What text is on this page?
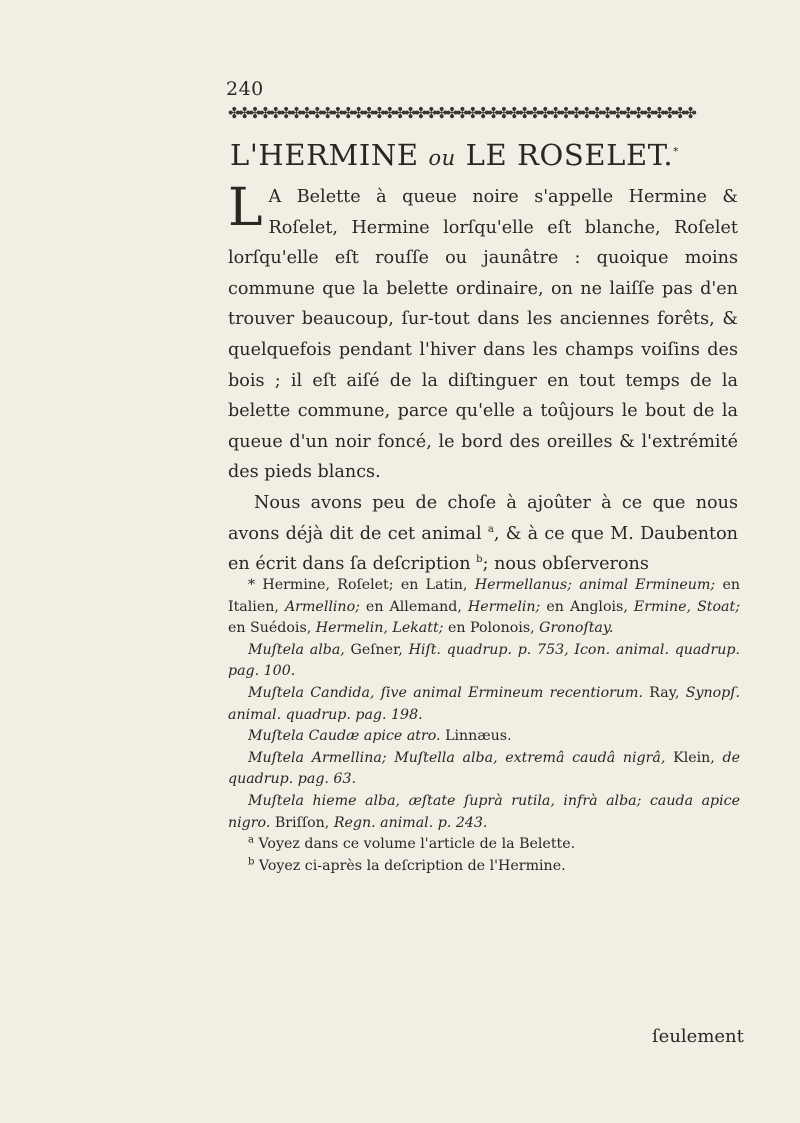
240
✤✤✤✤✤✤✤✤✤✤✤✤✤✤✤✤✤✤✤✤✤✤✤✤✤✤✤✤✤✤✤✤✤✤✤✤✤✤✤✤✤✤✤✤✤
L'HERMINE ou LE ROSELET.*

L A Belette à queue noire s'appelle Hermine & Roſelet, Hermine lorſqu'elle eſt blanche, Roſelet lorſqu'elle eſt rouſſe ou jaunâtre : quoique moins commune que la belette ordinaire, on ne laiſſe pas d'en trouver beaucoup, ſur-tout dans les anciennes forêts, & quelquefois pendant l'hiver dans les champs voiſins des bois ; il eſt aiſé de la diſtinguer en tout temps de la belette commune, parce qu'elle a toûjours le bout de la queue d'un noir foncé, le bord des oreilles & l'extrémité des pieds blancs.

Nous avons peu de choſe à ajoûter à ce que nous avons déjà dit de cet animal $^a$, & à ce que M. Daubenton en écrit dans ſa deſcription $^b$; nous obſerverons

* Hermine, Roſelet; en Latin, Hermellanus; animal Ermineum; en Italien, Armellino; en Allemand, Hermelin; en Anglois, Ermine, Stoat; en Suédois, Hermelin, Lekatt; en Polonois, Gronoſtay.

Muſtela alba, Geſner, Hiſt. quadrup. p. 753, Icon. animal. quadrup. pag. 100.

Muſtela Candida, ſive animal Ermineum recentiorum. Ray, Synopſ. animal. quadrup. pag. 198.

Muſtela Caudæ apice atro. Linnæus.

Muſtela Armellina; Muſtella alba, extremâ caudâ nigrâ, Klein, de quadrup. pag. 63.

Muſtela hieme alba, æſtate ſuprà rutila, infrà alba; cauda apice nigro. Briſſon, Regn. animal. p. 243.

$^a$ Voyez dans ce volume l'article de la Belette.

$^b$ Voyez ci-après la deſcription de l'Hermine.

ſeulement
